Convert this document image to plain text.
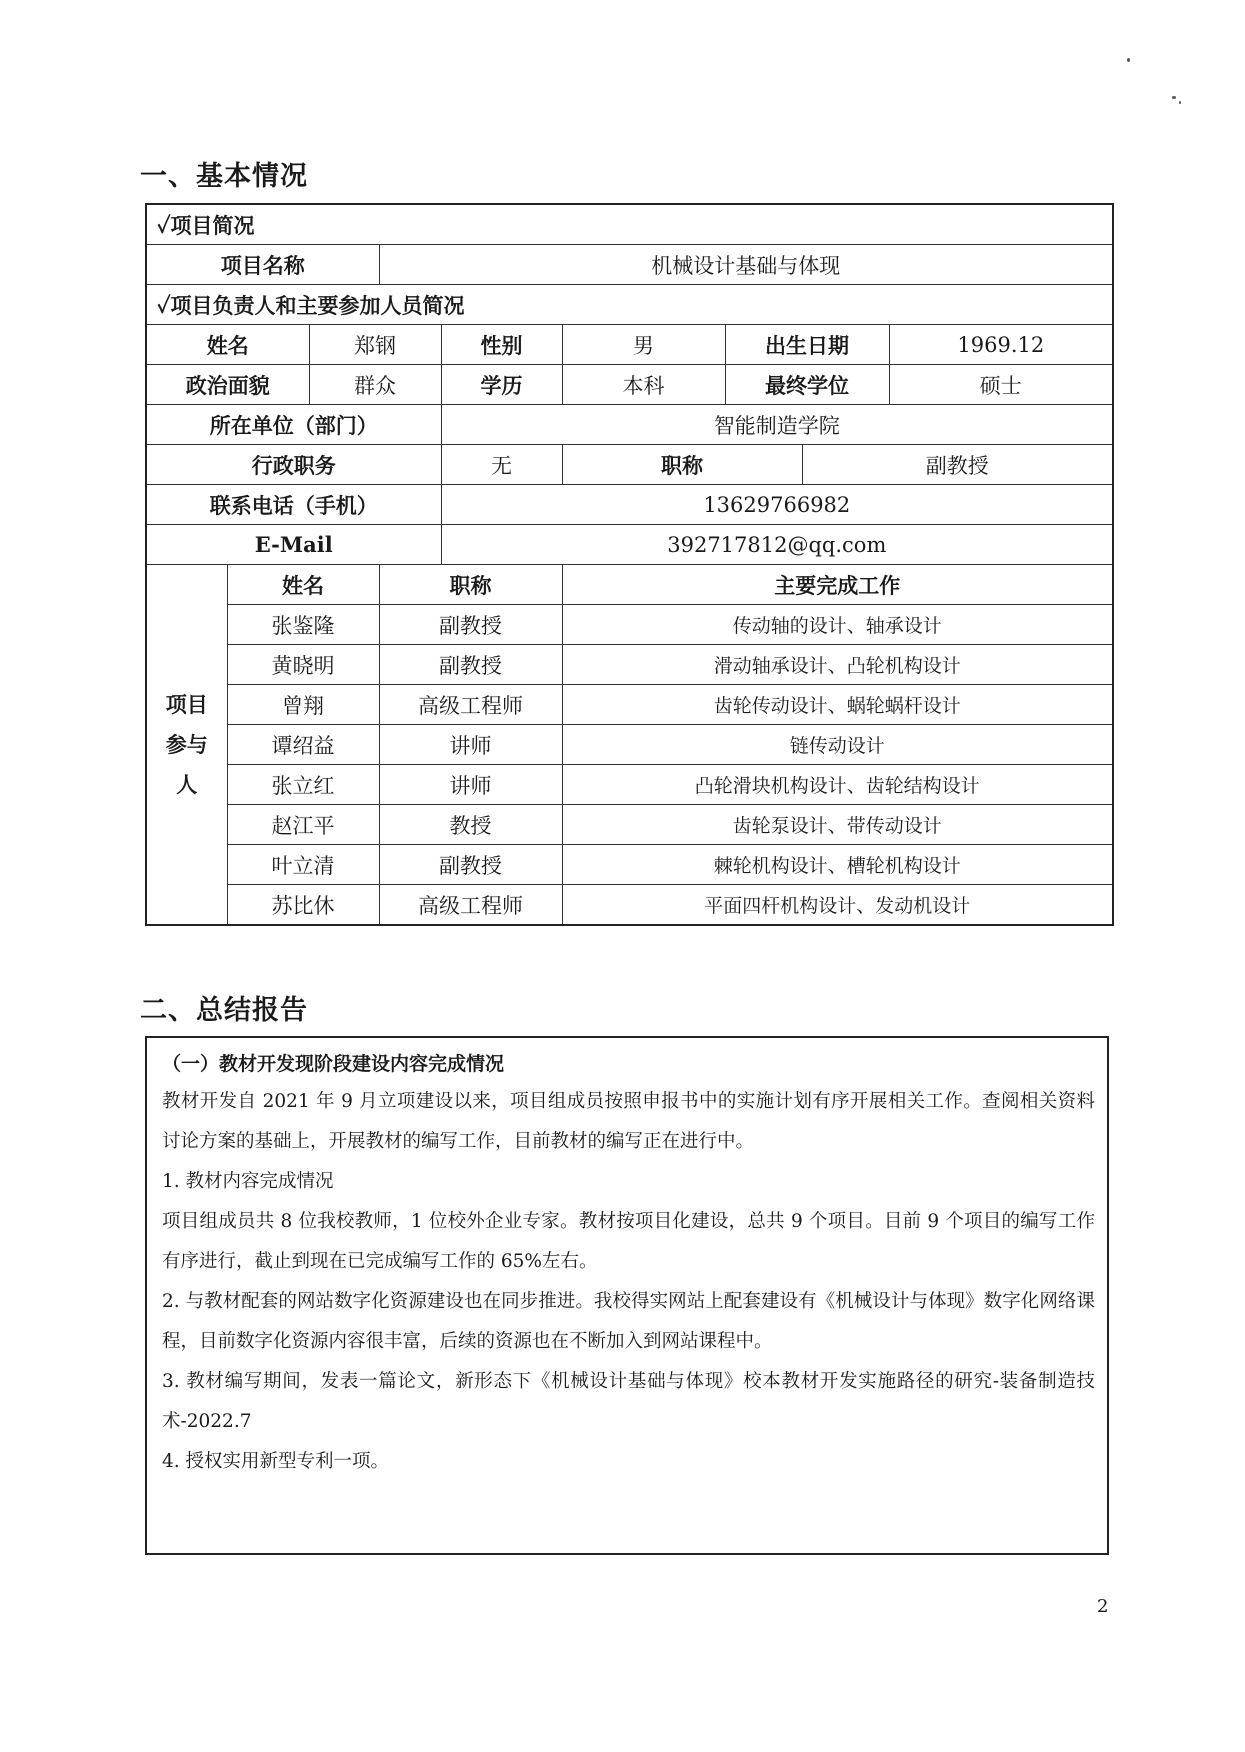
一、基本情况
✓项目简况								
项目名称			机械设计基础与体现					
✓项目负责人和主要参加人员简况								
姓名		郑钢		性别	男	出生日期		1969.12
政治面貌		群众		学历	本科	最终学位		硕士
所在单位（部门）				智能制造学院				
行政职务				无	职称		副教授	
联系电话（手机）				13629766982				
E-Mail				392717812@qq.com				
项目
参与
人	姓名		职称		主要完成工作			
	张鉴隆		副教授		传动轴的设计、轴承设计			
	黄晓明		副教授		滑动轴承设计、凸轮机构设计			
	曾翔		高级工程师		齿轮传动设计、蜗轮蜗杆设计			
	谭绍益		讲师		链传动设计			
	张立红		讲师		凸轮滑块机构设计、齿轮结构设计			
	赵江平		教授		齿轮泵设计、带传动设计			
	叶立清		副教授		棘轮机构设计、槽轮机构设计			
	苏比休		高级工程师		平面四杆机构设计、发动机设计			
二、总结报告
（一）教材开发现阶段建设内容完成情况

教材开发自 2021 年 9 月立项建设以来，项目组成员按照申报书中的实施计划有序开展相关工作。查阅相关资料讨论方案的基础上，开展教材的编写工作，目前教材的编写正在进行中。

1. 教材内容完成情况

项目组成员共 8 位我校教师，1 位校外企业专家。教材按项目化建设，总共 9 个项目。目前 9 个项目的编写工作有序进行，截止到现在已完成编写工作的 65%左右。

2. 与教材配套的网站数字化资源建设也在同步推进。我校得实网站上配套建设有《机械设计与体现》数字化网络课程，目前数字化资源内容很丰富，后续的资源也在不断加入到网站课程中。

3. 教材编写期间，发表一篇论文，新形态下《机械设计基础与体现》校本教材开发实施路径的研究-装备制造技术-2022.7

4. 授权实用新型专利一项。

2
